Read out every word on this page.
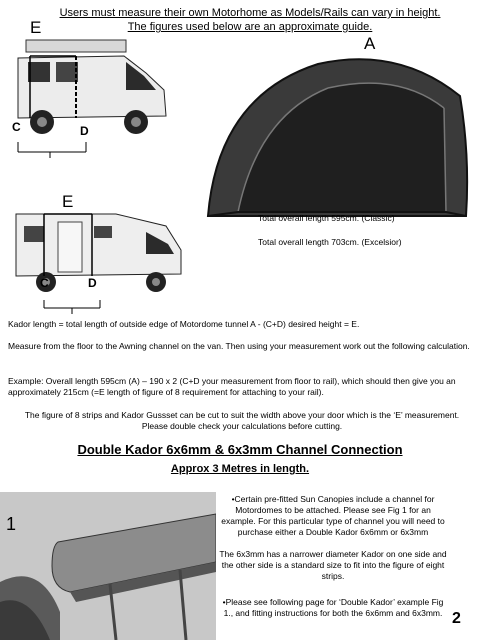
Users must measure their own Motorhome as Models/Rails can vary in height.
The figures used below are an approximate guide.
E
C	D
A
E
C	D
Total overall length 595cm. (Classic)
Total overall length 703cm. (Excelsior)
Kador length = total length of outside edge of Motordome tunnel A - (C+D) desired height = E.
Measure from the floor to the Awning channel on the van. Then using your measurement work out the following calculation.
Example: Overall length 595cm (A) – 190 x 2 (C+D your measurement from floor to rail), which should then give you an approximately 215cm (=E length of figure of 8 requirement for attaching to your rail).
The figure of 8 strips and Kador Gussset can be cut to suit the width above your door which is the ‘E’ measurement. Please double check your calculations before cutting.
Double Kador 6x6mm & 6x3mm Channel Connection
Approx 3 Metres in length.
1
•Certain pre-fitted Sun Canopies include a channel for Motordomes to be attached. Please see Fig 1 for an example. For this particular type of channel you will need to purchase either a Double Kador 6x6mm or 6x3mm
The 6x3mm has a narrower diameter Kador on one side and the other side is a standard size to fit into the figure of eight strips.
•Please see following page for ‘Double Kador’ example Fig 1., and fitting instructions for both the 6x6mm and 6x3mm. 2
